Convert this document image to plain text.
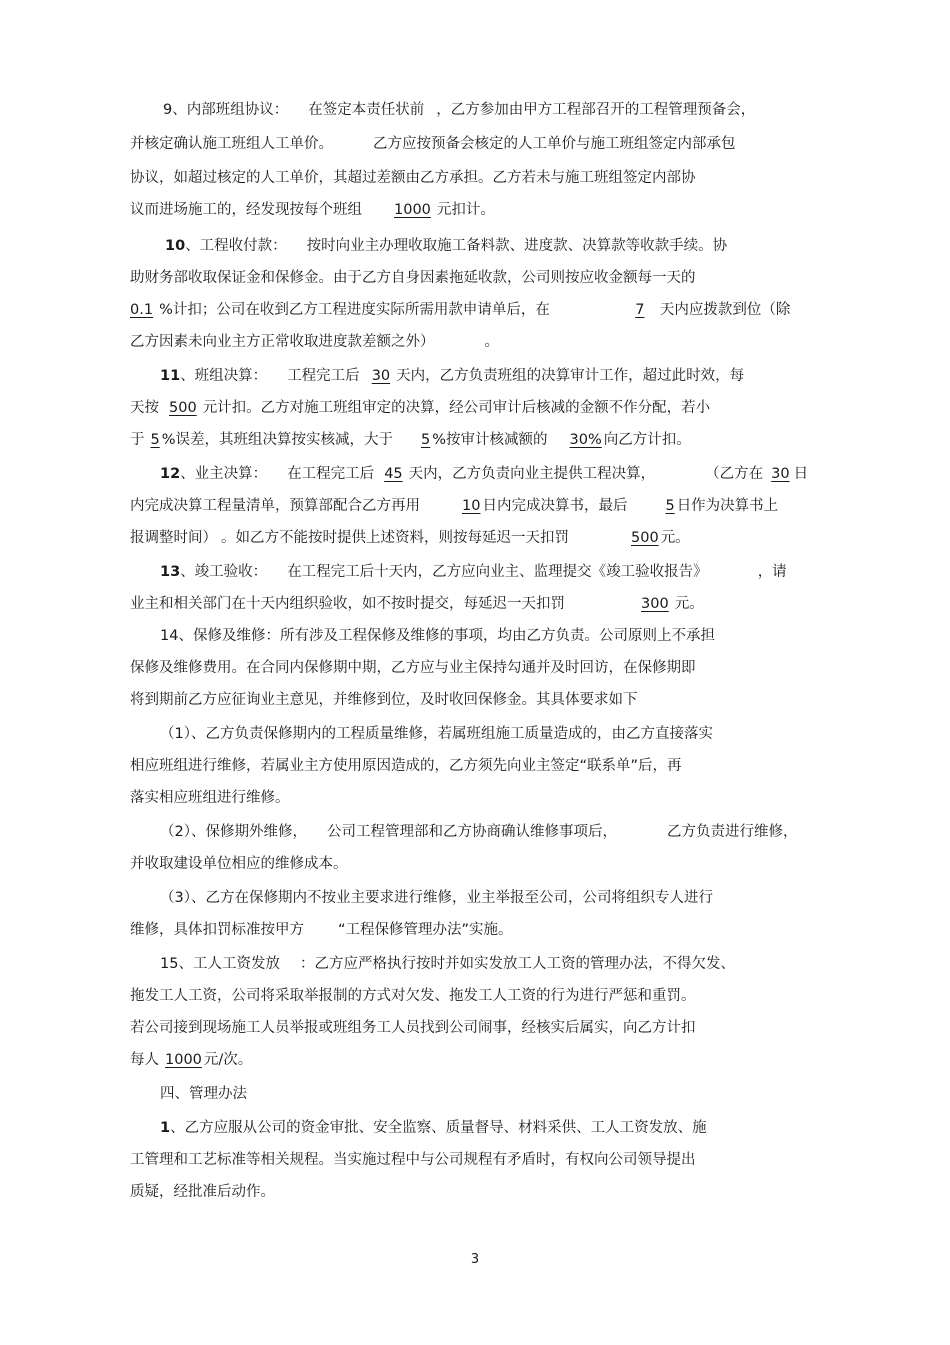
9、内部班组协议： 在签定本责任状前 ，乙方参加由甲方工程部召开的工程管理预备会，
并核定确认施工班组人工单价。	乙方应按预备会核定的人工单价与施工班组签定内部承包
协议，如超过核定的人工单价，其超过差额由乙方承担。乙方若未与施工班组签定内部协
议而进场施工的，经发现按每个班组 1000 元扣计。
10、工程收付款： 按时向业主办理收取施工备料款、进度款、决算款等收款手续。协
助财务部收取保证金和保修金。由于乙方自身因素拖延收款，公司则按应收金额每一天的
0.1 %计扣；公司在收到乙方工程进度实际所需用款申请单后，在	7 天内应拨款到位（除
乙方因素未向业主方正常收取进度款差额之外）	。
11、班组决算： 工程完工后 30 天内，乙方负责班组的决算审计工作，超过此时效，每
天按 500 元计扣。乙方对施工班组审定的决算，经公司审计后核减的金额不作分配，若小
于 5 %误差，其班组决算按实核减，大于 5 %按审计核减额的 30% 向乙方计扣。
12、业主决算： 在工程完工后 45 天内，乙方负责向业主提供工程决算，	（乙方在 30 日
内完成决算工程量清单，预算部配合乙方再用	10 日内完成决算书，最后	5 日作为决算书上
报调整时间） 。如乙方不能按时提供上述资料，则按每延迟一天扣罚	500 元。
13、竣工验收： 在工程完工后十天内，乙方应向业主、监理提交《竣工验收报告》	，请
业主和相关部门在十天内组织验收，如不按时提交，每延迟一天扣罚	300 元。
14、保修及维修：所有涉及工程保修及维修的事项，均由乙方负责。公司原则上不承担
保修及维修费用。在合同内保修期中期，乙方应与业主保持勾通并及时回访，在保修期即
将到期前乙方应征询业主意见，并维修到位，及时收回保修金。其具体要求如下
（1）、乙方负责保修期内的工程质量维修，若属班组施工质量造成的，由乙方直接落实
相应班组进行维修，若属业主方使用原因造成的，乙方须先向业主签定“联系单”后，再
落实相应班组进行维修。
（2）、保修期外维修， 公司工程管理部和乙方协商确认维修事项后，	乙方负责进行维修，
并收取建设单位相应的维修成本。
（3）、乙方在保修期内不按业主要求进行维修，业主举报至公司，公司将组织专人进行
维修，具体扣罚标准按甲方 “工程保修管理办法”实施。
15、工人工资发放 ：乙方应严格执行按时并如实发放工人工资的管理办法，不得欠发、
拖发工人工资，公司将采取举报制的方式对欠发、拖发工人工资的行为进行严惩和重罚。
若公司接到现场施工人员举报或班组务工人员找到公司闹事，经核实后属实，向乙方计扣
每人 1000 元/次。
四、管理办法
1、乙方应服从公司的资金审批、安全监察、质量督导、材料采供、工人工资发放、施
工管理和工艺标准等相关规程。当实施过程中与公司规程有矛盾时，有权向公司领导提出
质疑，经批准后动作。
3
